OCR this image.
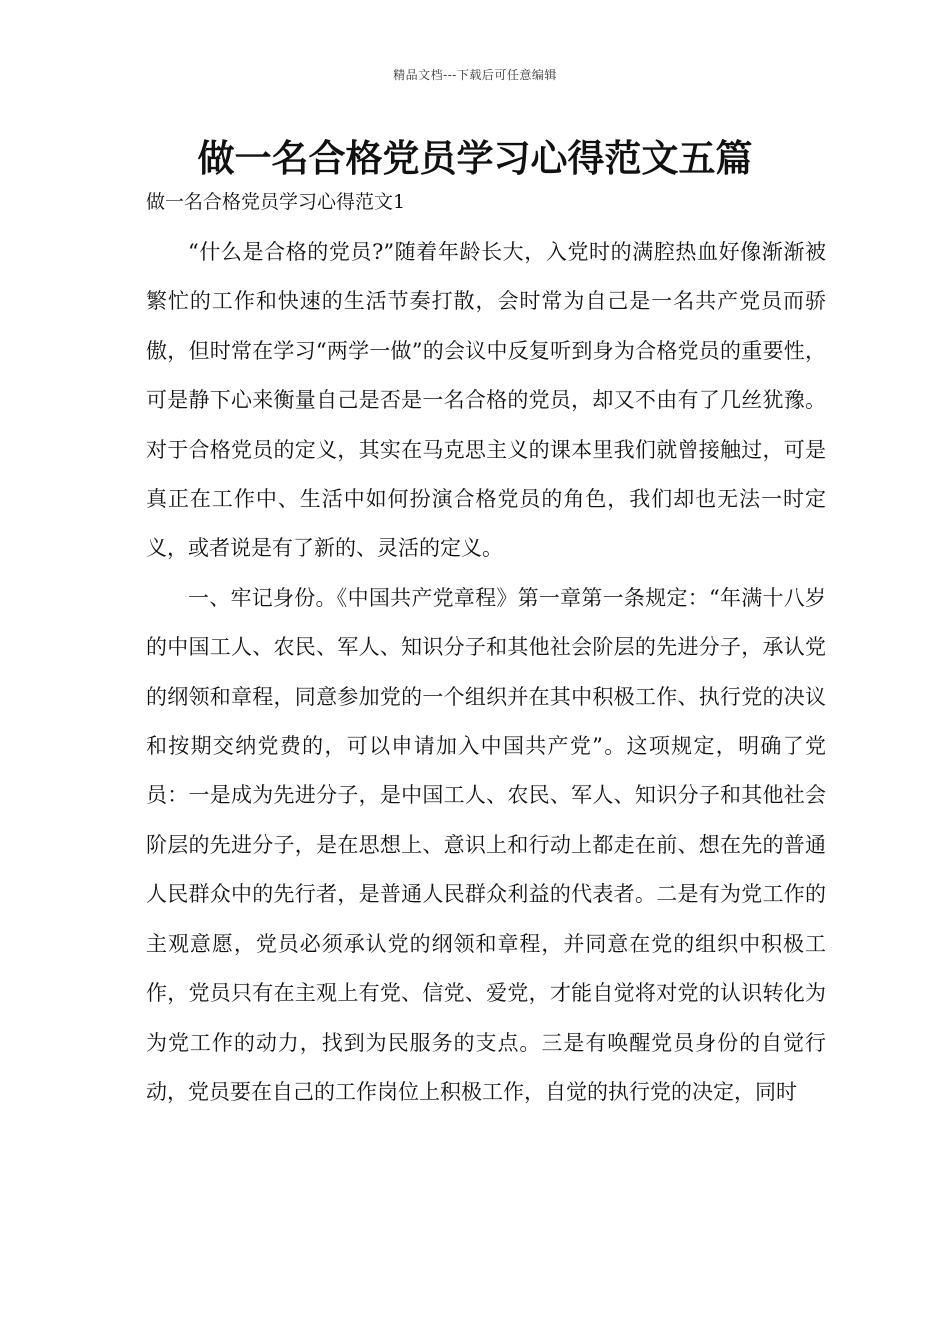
精品文档---下载后可任意编辑
做一名合格党员学习心得范文五篇
做一名合格党员学习心得范文1

“什么是合格的党员?”随着年龄长大，入党时的满腔热血好像渐渐被繁忙的工作和快速的生活节奏打散，会时常为自己是一名共产党员而骄傲，但时常在学习“两学一做”的会议中反复听到身为合格党员的重要性，可是静下心来衡量自己是否是一名合格的党员，却又不由有了几丝犹豫。对于合格党员的定义，其实在马克思主义的课本里我们就曾接触过，可是真正在工作中、生活中如何扮演合格党员的角色，我们却也无法一时定义，或者说是有了新的、灵活的定义。

一、牢记身份。《中国共产党章程》第一章第一条规定：“年满十八岁的中国工人、农民、军人、知识分子和其他社会阶层的先进分子，承认党的纲领和章程，同意参加党的一个组织并在其中积极工作、执行党的决议和按期交纳党费的，可以申请加入中国共产党”。这项规定，明确了党员：一是成为先进分子，是中国工人、农民、军人、知识分子和其他社会阶层的先进分子，是在思想上、意识上和行动上都走在前、想在先的普通人民群众中的先行者，是普通人民群众利益的代表者。二是有为党工作的主观意愿，党员必须承认党的纲领和章程，并同意在党的组织中积极工作，党员只有在主观上有党、信党、爱党，才能自觉将对党的认识转化为为党工作的动力，找到为民服务的支点。三是有唤醒党员身份的自觉行动，党员要在自己的工作岗位上积极工作，自觉的执行党的决定，同时
